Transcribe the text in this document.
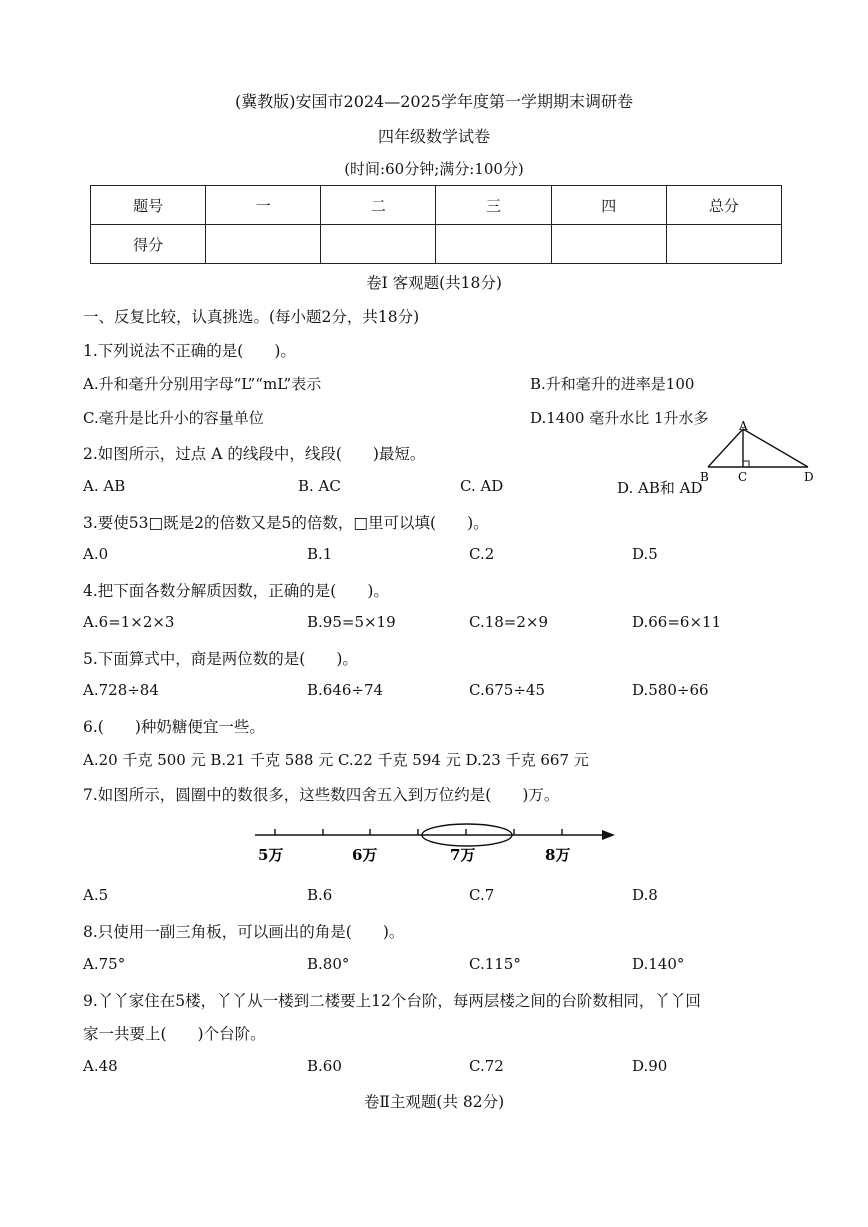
(冀教版)安国市2024—2025学年度第一学期期末调研卷
四年级数学试卷
(时间:60分钟;满分:100分)
题号	一	二	三	四	总分
得分					
卷Ⅰ 客观题(共18分)
一、反复比较，认真挑选。(每小题2分，共18分)
1.下列说法不正确的是(　　)。
A.升和毫升分别用字母“L”“mL”表示	B.升和毫升的进率是100
C.毫升是比升小的容量单位	D.1400 毫升水比 1升水多	A
B C	D
2.如图所示，过点 A 的线段中，线段(　　)最短。
A. AB	B. AC	C. AD	D. AB和 AD
3.要使53□既是2的倍数又是5的倍数，□里可以填(　　)。
A.0	B.1	C.2	D.5
4.把下面各数分解质因数，正确的是(　　)。
A.6=1×2×3	B.95=5×19	C.18=2×9	D.66=6×11
5.下面算式中，商是两位数的是(　　)。
A.728÷84	B.646÷74	C.675÷45	D.580÷66
6.(　　)种奶糖便宜一些。
A.20 千克 500 元 B.21 千克 588 元 C.22 千克 594 元 D.23 千克 667 元
7.如图所示，圆圈中的数很多，这些数四舍五入到万位约是(　　)万。
5万	6万	7万	8万
A.5	B.6	C.7	D.8
8.只使用一副三角板，可以画出的角是(　　)。
A.75°	B.80°	C.115°	D.140°
9.丫丫家住在5楼，丫丫从一楼到二楼要上12个台阶，每两层楼之间的台阶数相同，丫丫回
家一共要上(　　)个台阶。
A.48	B.60	C.72	D.90
卷Ⅱ主观题(共 82分)
